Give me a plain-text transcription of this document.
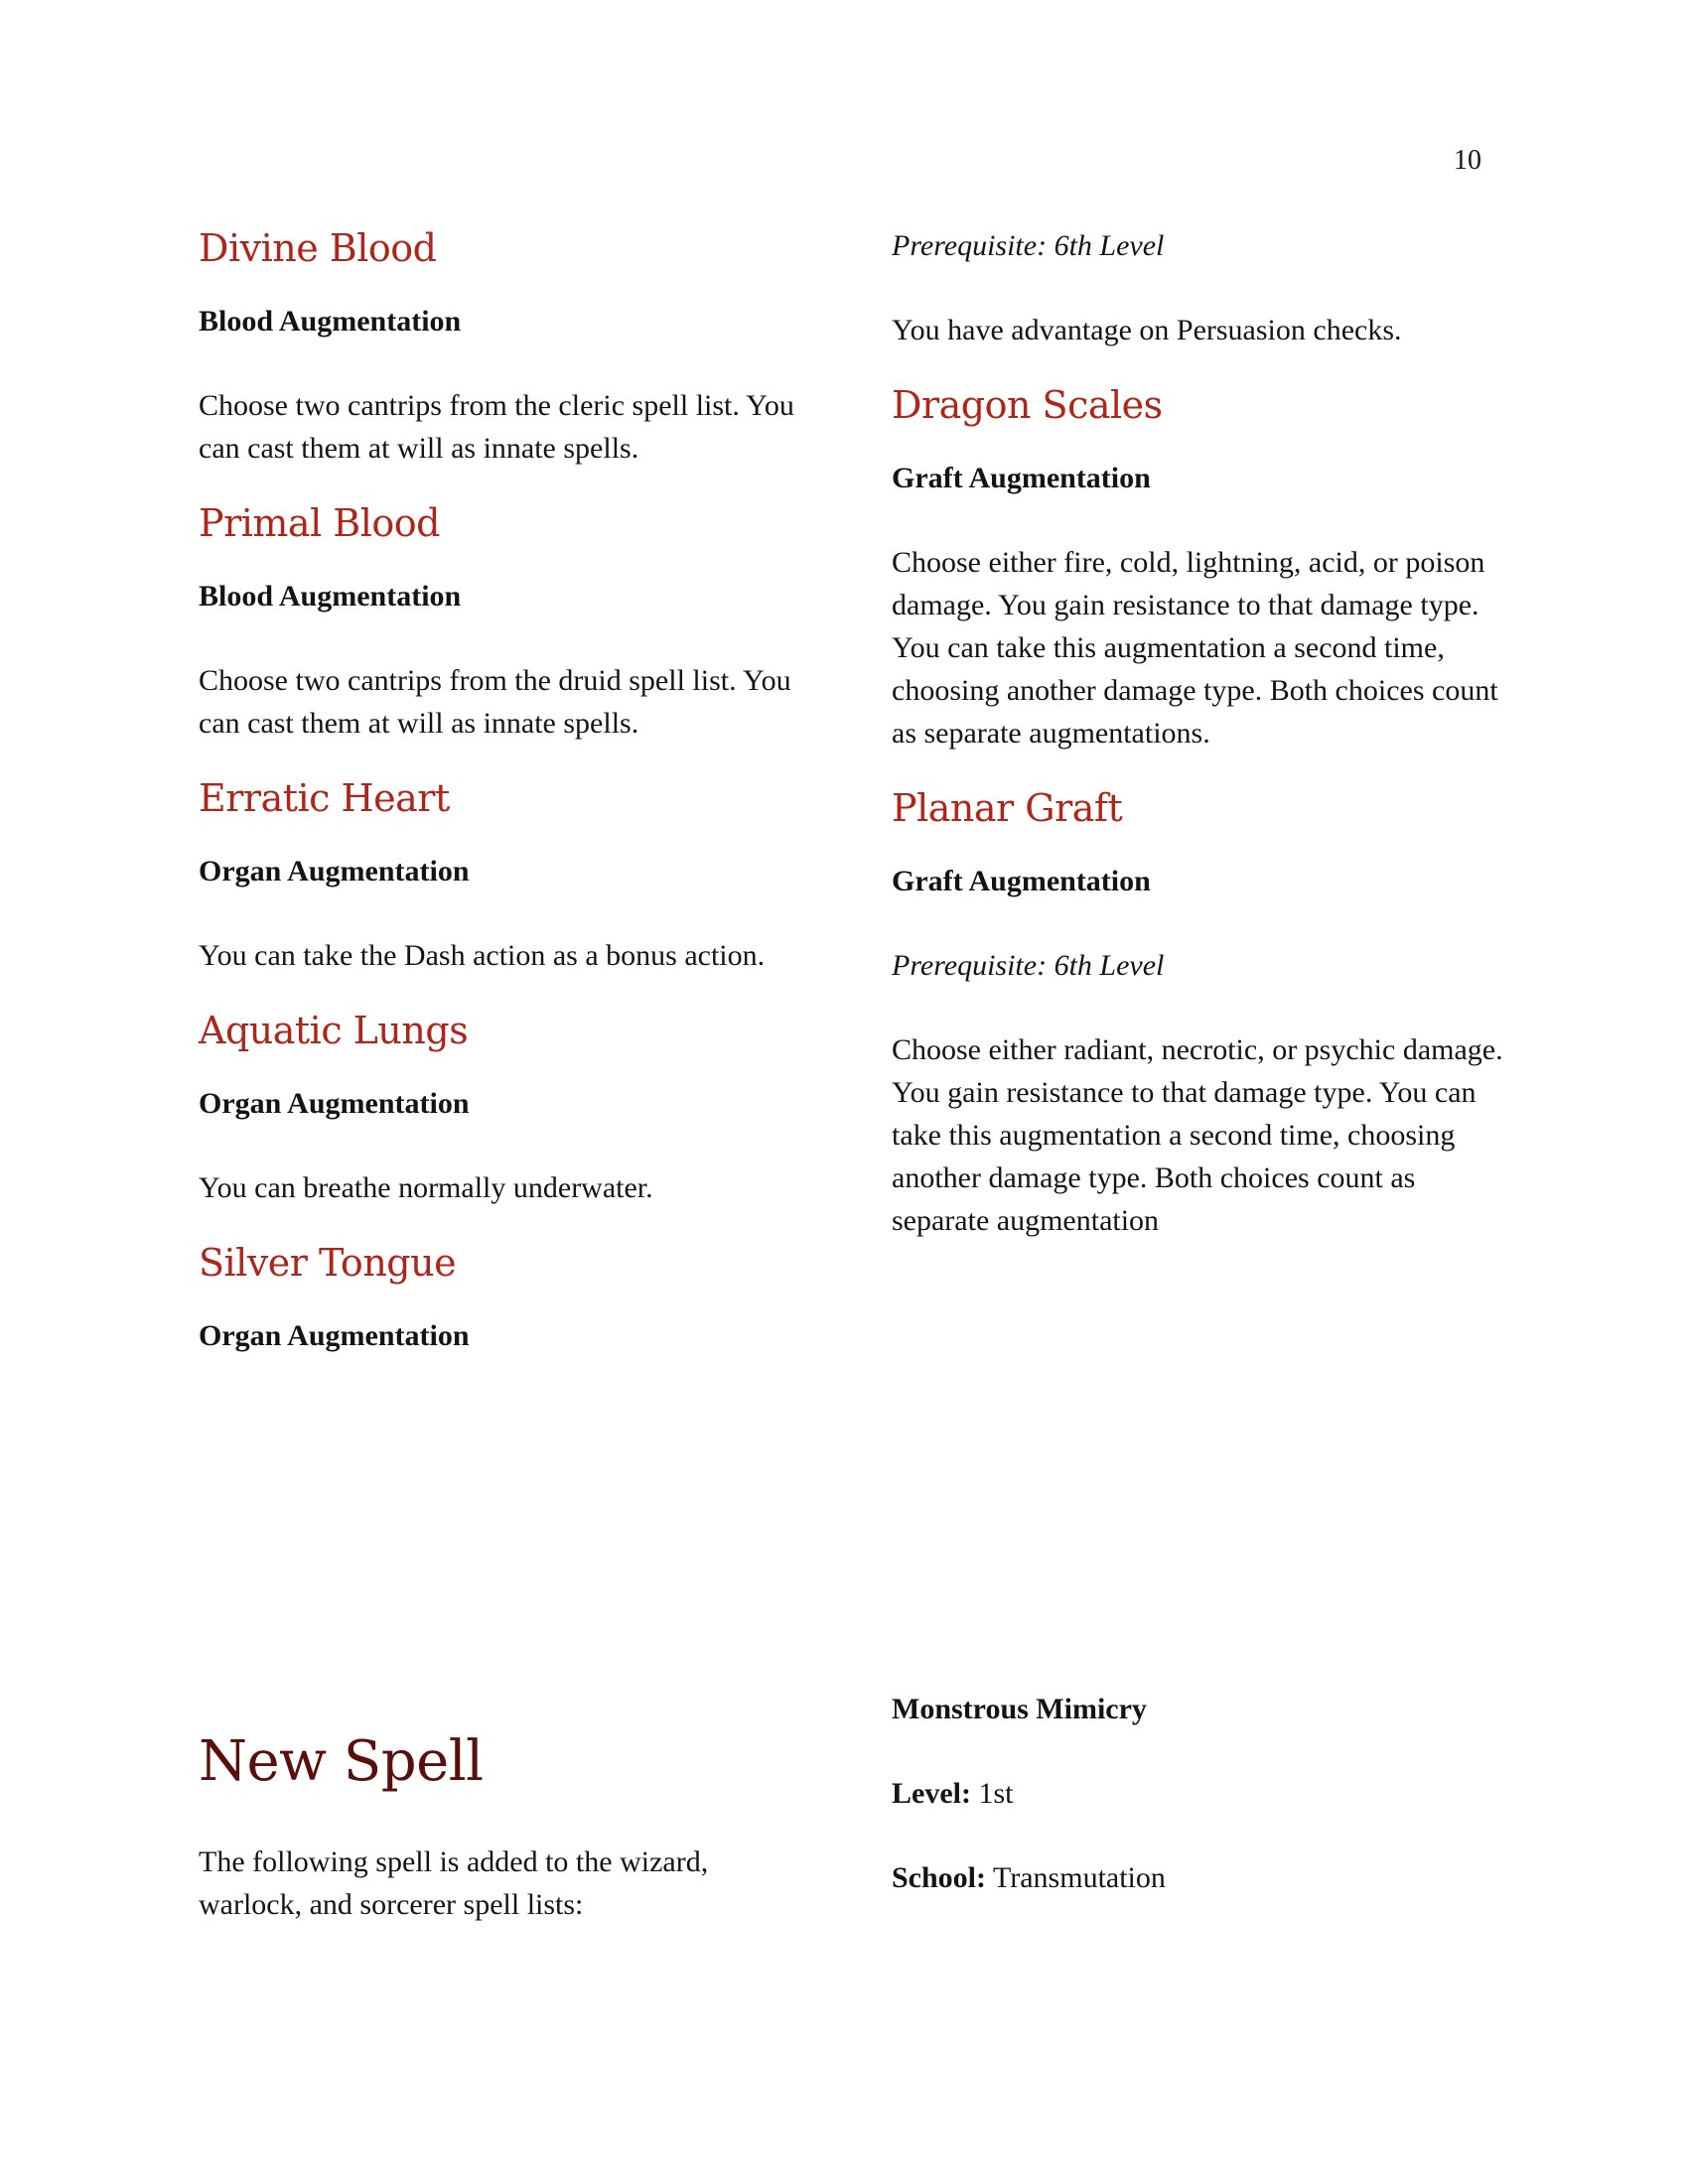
10
Divine Blood

Blood Augmentation

Choose two cantrips from the cleric spell list. You can cast them at will as innate spells.

Primal Blood

Blood Augmentation

Choose two cantrips from the druid spell list. You can cast them at will as innate spells.

Erratic Heart

Organ Augmentation

You can take the Dash action as a bonus action.

Aquatic Lungs

Organ Augmentation

You can breathe normally underwater.

Silver Tongue

Organ Augmentation

Prerequisite: 6th Level

You have advantage on Persuasion checks.

Dragon Scales

Graft Augmentation

Choose either fire, cold, lightning, acid, or poison damage. You gain resistance to that damage type. You can take this augmentation a second time, choosing another damage type. Both choices count as separate augmentations.

Planar Graft

Graft Augmentation

Prerequisite: 6th Level

Choose either radiant, necrotic, or psychic damage. You gain resistance to that damage type. You can take this augmentation a second time, choosing another damage type. Both choices count as separate augmentation

New Spell

The following spell is added to the wizard, warlock, and sorcerer spell lists:

Monstrous Mimicry

Level: 1st

School: Transmutation
